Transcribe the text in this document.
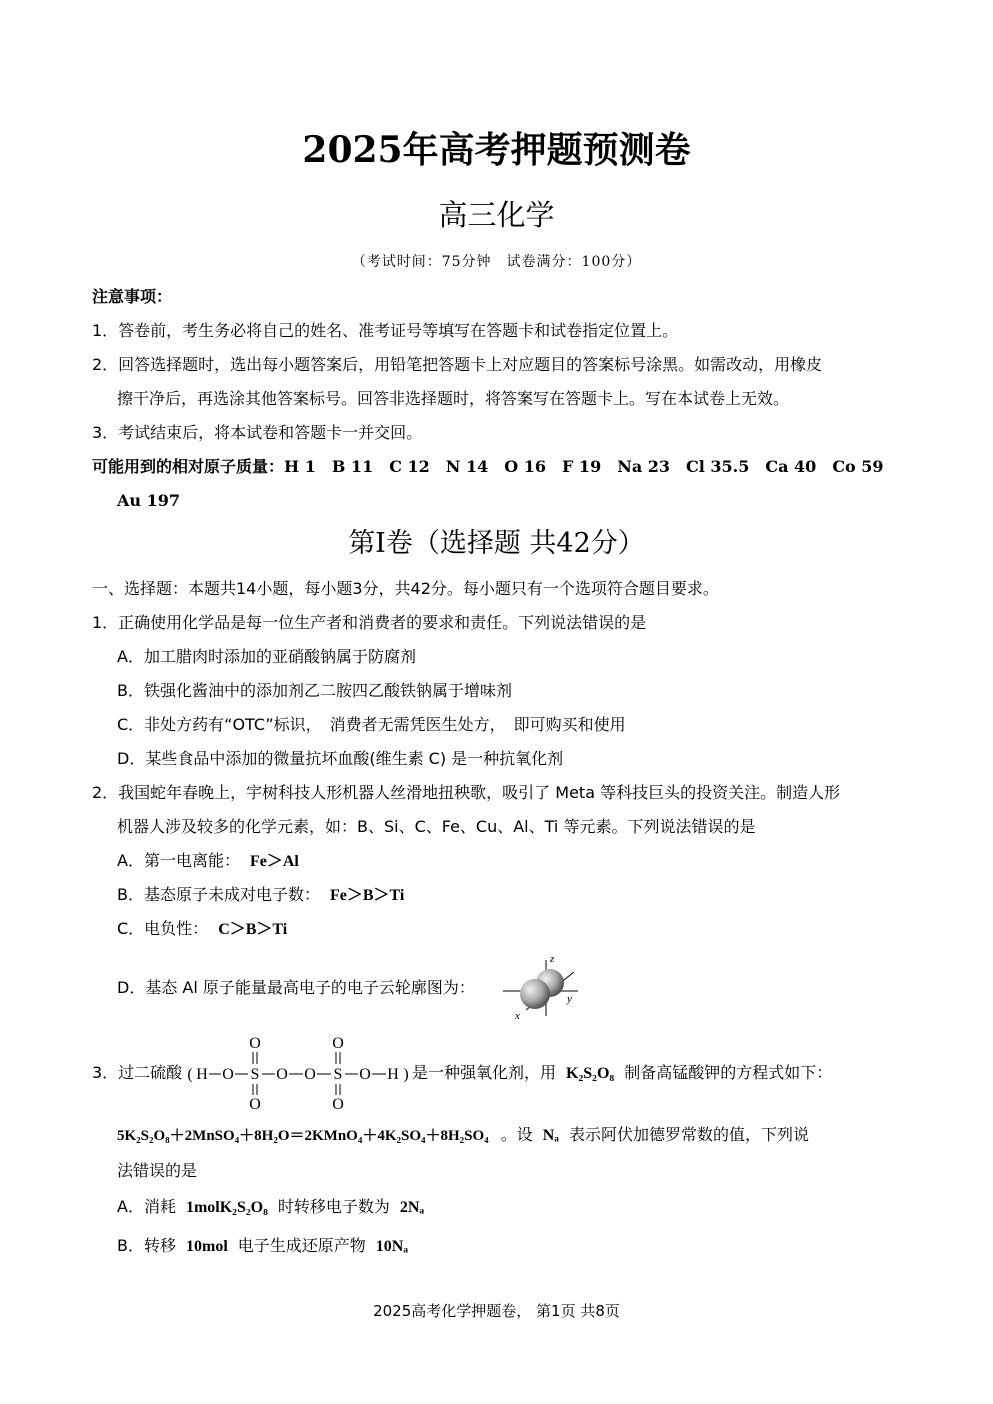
2025年高考押题预测卷
高三化学
（考试时间：75分钟　试卷满分：100分）
注意事项：
1．答卷前，考生务必将自己的姓名、准考证号等填写在答题卡和试卷指定位置上。
2．回答选择题时，选出每小题答案后，用铅笔把答题卡上对应题目的答案标号涂黑。如需改动，用橡皮
擦干净后，再选涂其他答案标号。回答非选择题时，将答案写在答题卡上。写在本试卷上无效。
3．考试结束后，将本试卷和答题卡一并交回。
可能用到的相对原子质量：H 1　B 11　C 12　N 14　O 16　F 19　Na 23　Cl 35.5　Ca 40　Co 59
Au 197
第I卷（选择题 共42分）
一、选择题：本题共14小题，每小题3分，共42分。每小题只有一个选项符合题目要求。
1．正确使用化学品是每一位生产者和消费者的要求和责任。下列说法错误的是
A．加工腊肉时添加的亚硝酸钠属于防腐剂
B．铁强化酱油中的添加剂乙二胺四乙酸铁钠属于增味剂
C．非处方药有“OTC”标识，　消费者无需凭医生处方，　即可购买和使用
D．某些食品中添加的微量抗坏血酸(维生素 C) 是一种抗氧化剂
2．我国蛇年春晚上，宇树科技人形机器人丝滑地扭秧歌，吸引了 Meta 等科技巨头的投资关注。制造人形
机器人涉及较多的化学元素，如：B、Si、C、Fe、Cu、Al、Ti 等元素。下列说法错误的是
A．第一电离能： Fe＞Al
B．基态原子未成对电子数： Fe＞B＞Ti
C．电负性： C＞B＞Ti
D．基态 Al 原子能量最高电子的电子云轮廓图为：
z
y
x
3．过二硫酸 ( H O S
O
O
O O S
O
O
O H ) 是一种强氧化剂，用 K₂S₂O₈ 制备高锰酸钾的方程式如下：
5K₂S₂O₈＋2MnSO₄＋8H₂O＝2KMnO₄＋4K₂SO₄＋8H₂SO₄ 。设 Nₐ 表示阿伏加德罗常数的值，下列说
法错误的是
A．消耗 1molK₂S₂O₈ 时转移电子数为 2Nₐ
B．转移 10mol 电子生成还原产物 10Nₐ
2025高考化学押题卷， 第1页 共8页
